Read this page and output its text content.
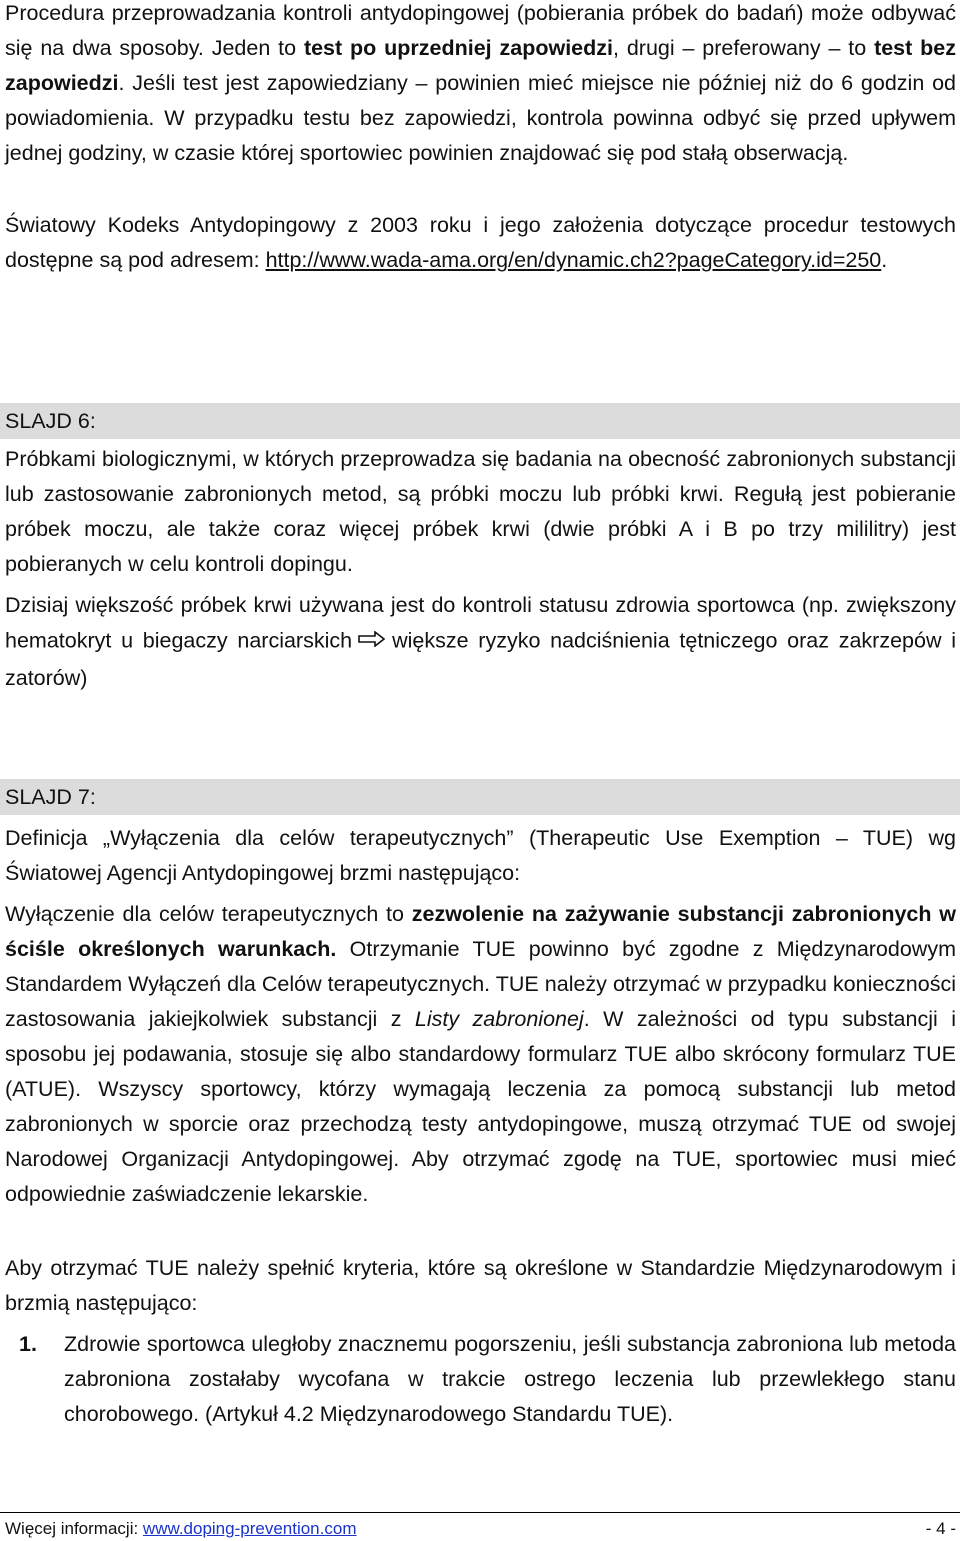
Procedura przeprowadzania kontroli antydopingowej (pobierania próbek do badań) może odbywać się na dwa sposoby. Jeden to test po uprzedniej zapowiedzi, drugi – preferowany – to test bez zapowiedzi. Jeśli test jest zapowiedziany – powinien mieć miejsce nie później niż do 6 godzin od powiadomienia. W przypadku testu bez zapowiedzi, kontrola powinna odbyć się przed upływem jednej godziny, w czasie której sportowiec powinien znajdować się pod stałą obserwacją.

Światowy Kodeks Antydopingowy z 2003 roku i jego założenia dotyczące procedur testowych dostępne są pod adresem: http://www.wada-ama.org/en/dynamic.ch2?pageCategory.id=250.

SLAJD 6:

Próbkami biologicznymi, w których przeprowadza się badania na obecność zabronionych substancji lub zastosowanie zabronionych metod, są próbki moczu lub próbki krwi. Regułą jest pobieranie próbek moczu, ale także coraz więcej próbek krwi (dwie próbki A i B po trzy mililitry) jest pobieranych w celu kontroli dopingu.

Dzisiaj większość próbek krwi używana jest do kontroli statusu zdrowia sportowca (np. zwiększony hematokryt u biegaczy narciarskich większe ryzyko nadciśnienia tętniczego oraz zakrzepów i zatorów)

SLAJD 7:

Definicja „Wyłączenia dla celów terapeutycznych” (Therapeutic Use Exemption – TUE) wg Światowej Agencji Antydopingowej brzmi następująco:

Wyłączenie dla celów terapeutycznych to zezwolenie na zażywanie substancji zabronionych w ściśle określonych warunkach. Otrzymanie TUE powinno być zgodne z Międzynarodowym Standardem Wyłączeń dla Celów terapeutycznych. TUE należy otrzymać w przypadku konieczności zastosowania jakiejkolwiek substancji z Listy zabronionej. W zależności od typu substancji i sposobu jej podawania, stosuje się albo standardowy formularz TUE albo skrócony formularz TUE (ATUE). Wszyscy sportowcy, którzy wymagają leczenia za pomocą substancji lub metod zabronionych w sporcie oraz przechodzą testy antydopingowe, muszą otrzymać TUE od swojej Narodowej Organizacji Antydopingowej. Aby otrzymać zgodę na TUE, sportowiec musi mieć odpowiednie zaświadczenie lekarskie.

Aby otrzymać TUE należy spełnić kryteria, które są określone w Standardzie Międzynarodowym i brzmią następująco:

1. Zdrowie sportowca uległoby znacznemu pogorszeniu, jeśli substancja zabroniona lub metoda zabroniona zostałaby wycofana w trakcie ostrego leczenia lub przewlekłego stanu chorobowego. (Artykuł 4.2 Międzynarodowego Standardu TUE).

Więcej informacji: www.doping-prevention.com	- 4 -
